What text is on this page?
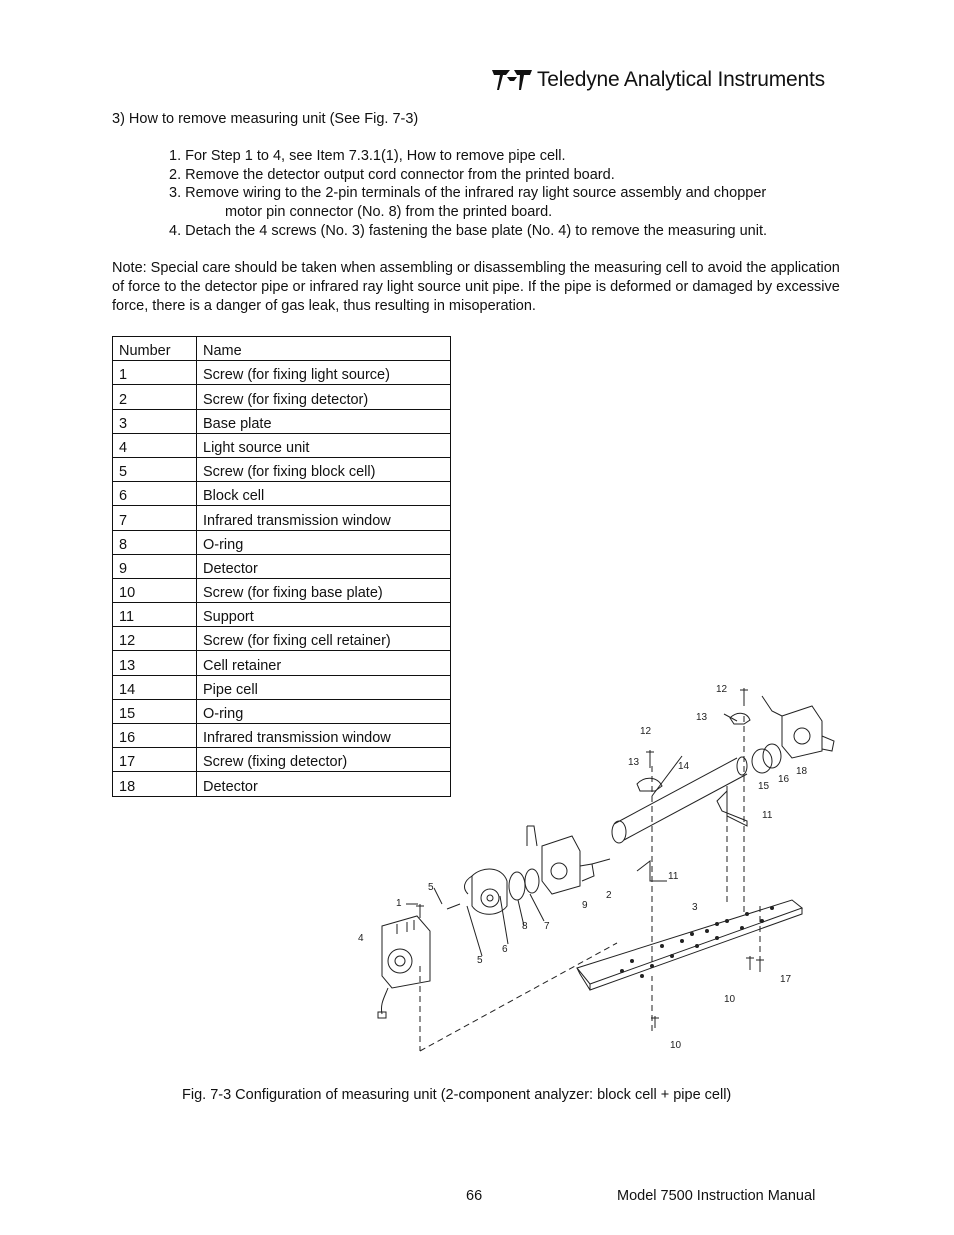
Teledyne Analytical Instruments
3) How to remove measuring unit (See Fig. 7-3)
1. For Step 1 to 4, see Item 7.3.1(1), How to remove pipe cell.
2. Remove the detector output cord connector from the printed board.
3. Remove wiring to the 2-pin terminals of the infrared ray light source assembly and chopper
motor pin connector (No. 8) from the printed board.
4. Detach the 4 screws (No. 3) fastening the base plate (No. 4) to remove the measuring unit.
Note: Special care should be taken when assembling or disassembling the measuring cell to avoid the application of force to the detector pipe or infrared ray light source unit pipe. If the pipe is deformed or damaged by excessive force, there is a danger of gas leak, thus resulting in misoperation.
Number	Name
1	Screw (for fixing light source)
2	Screw (for fixing detector)
3	Base plate
4	Light source unit
5	Screw (for fixing block cell)
6	Block cell
7	Infrared transmission window
8	O-ring
9	Detector
10	Screw (for fixing base plate)
11	Support
12	Screw (for fixing cell retainer)
13	Cell retainer
14	Pipe cell
15	O-ring
16	Infrared transmission window
17	Screw (fixing detector)
18	Detector
12
13
12
13	14
15
16
18
11
11
2
9
1
5
4
8 7
6
5
3
10
17
10
Fig. 7-3 Configuration of measuring unit (2-component analyzer: block cell + pipe cell)
66	Model 7500 Instruction Manual
